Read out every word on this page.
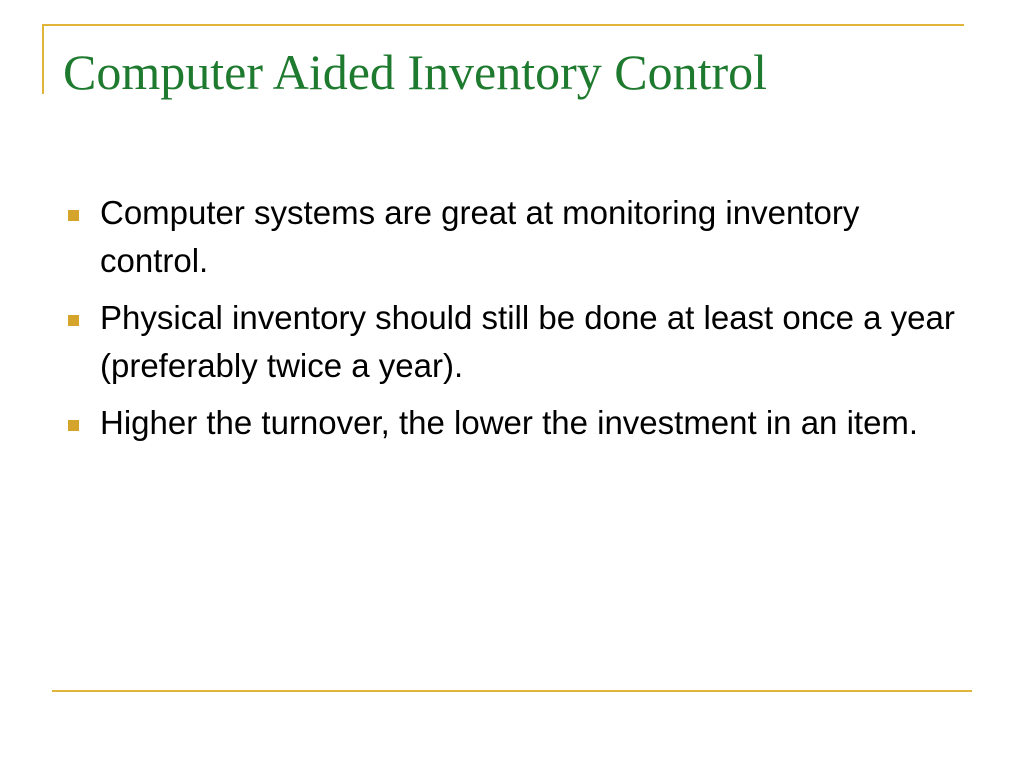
Computer Aided Inventory Control
Computer systems are great at monitoring inventory control.
Physical inventory should still be done at least once a year (preferably twice a year).
Higher the turnover, the lower the investment in an item.
